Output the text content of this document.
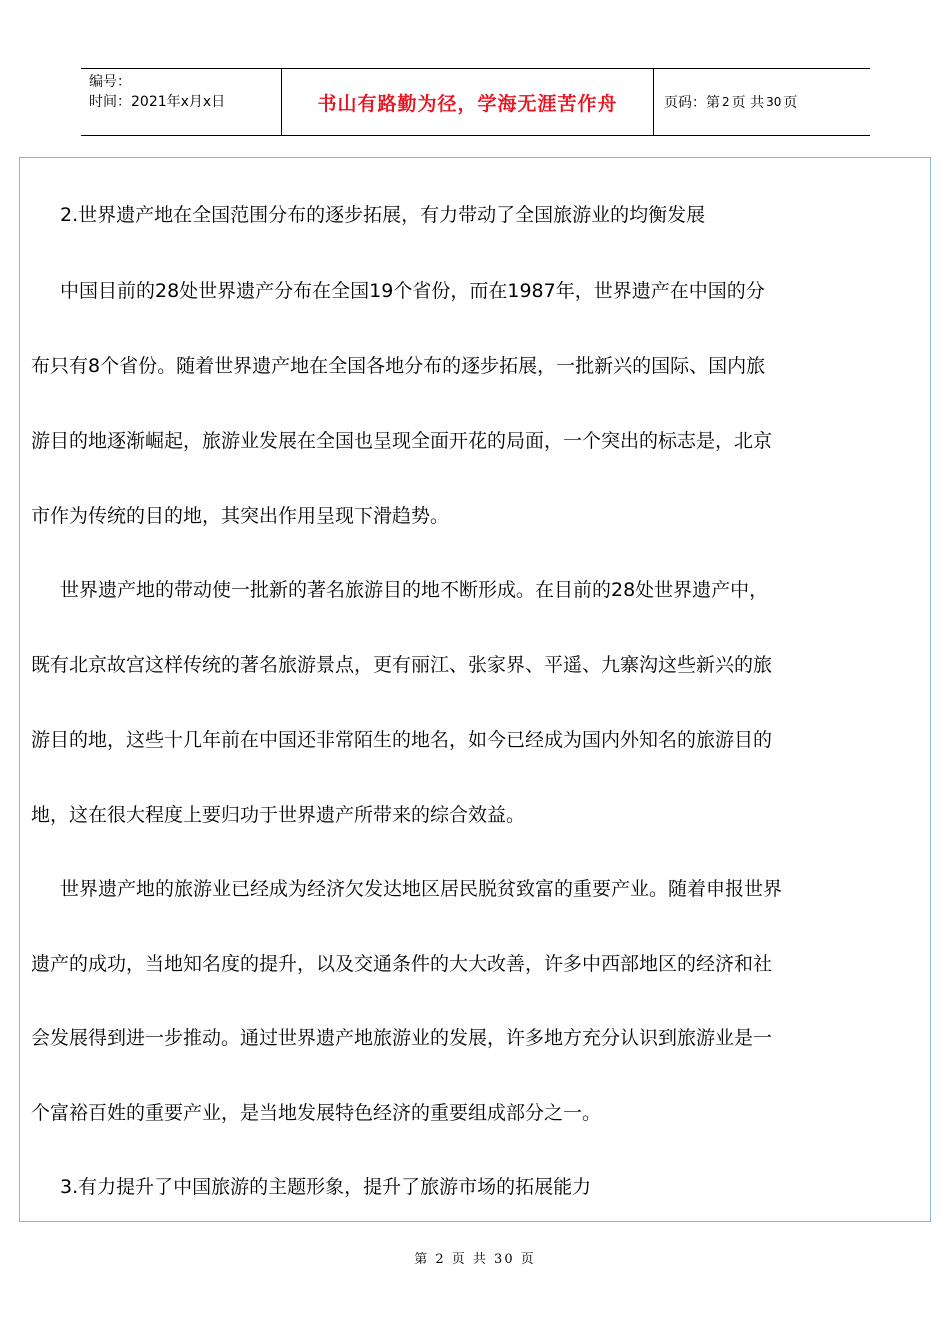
编号：
时间：2021年x月x日	书山有路勤为径，学海无涯苦作舟	页码：第 2 页 共 30 页
2.世界遗产地在全国范围分布的逐步拓展，有力带动了全国旅游业的均衡发展
中国目前的28处世界遗产分布在全国19个省份，而在1987年，世界遗产在中国的分
布只有8个省份。随着世界遗产地在全国各地分布的逐步拓展，一批新兴的国际、国内旅
游目的地逐渐崛起，旅游业发展在全国也呈现全面开花的局面，一个突出的标志是，北京
市作为传统的目的地，其突出作用呈现下滑趋势。
世界遗产地的带动使一批新的著名旅游目的地不断形成。在目前的28处世界遗产中，
既有北京故宫这样传统的著名旅游景点，更有丽江、张家界、平遥、九寨沟这些新兴的旅
游目的地，这些十几年前在中国还非常陌生的地名，如今已经成为国内外知名的旅游目的
地，这在很大程度上要归功于世界遗产所带来的综合效益。
世界遗产地的旅游业已经成为经济欠发达地区居民脱贫致富的重要产业。随着申报世界
遗产的成功，当地知名度的提升，以及交通条件的大大改善，许多中西部地区的经济和社
会发展得到进一步推动。通过世界遗产地旅游业的发展，许多地方充分认识到旅游业是一
个富裕百姓的重要产业，是当地发展特色经济的重要组成部分之一。
3.有力提升了中国旅游的主题形象，提升了旅游市场的拓展能力
第 2 页 共 30 页
